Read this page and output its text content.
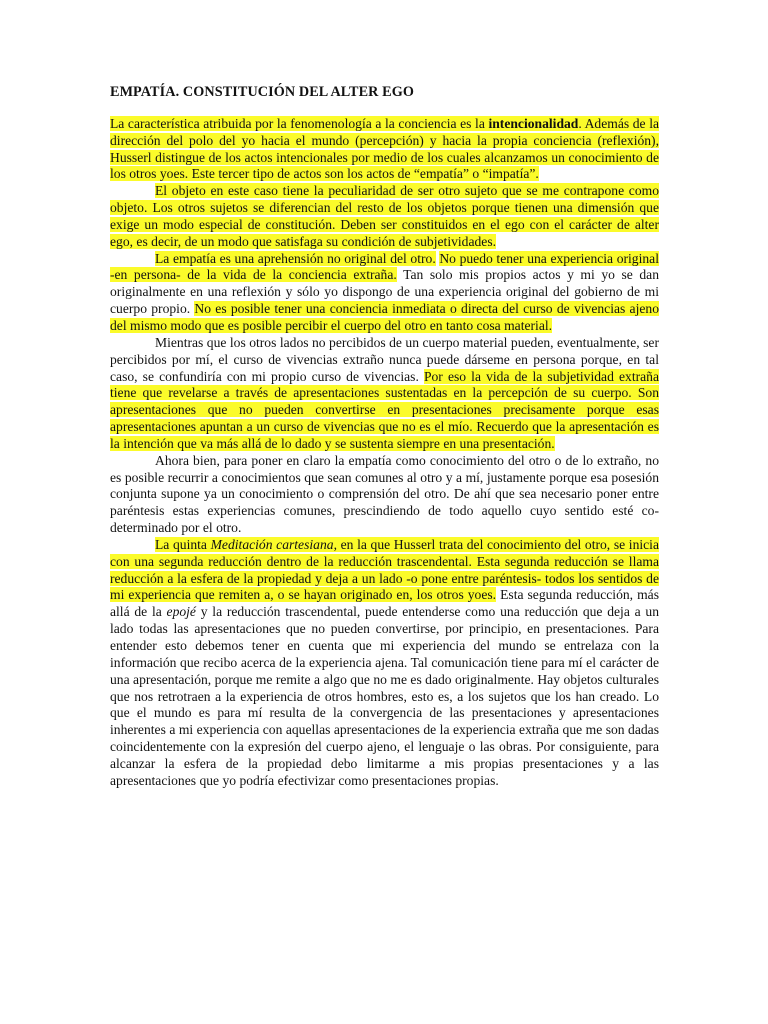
EMPATÍA. CONSTITUCIÓN DEL ALTER EGO

La característica atribuida por la fenomenología a la conciencia es la intencionalidad. Además de la dirección del polo del yo hacia el mundo (percepción) y hacia la propia conciencia (reflexión), Husserl distingue de los actos intencionales por medio de los cuales alcanzamos un conocimiento de los otros yoes. Este tercer tipo de actos son los actos de “empatía” o “impatía”.

El objeto en este caso tiene la peculiaridad de ser otro sujeto que se me contrapone como objeto. Los otros sujetos se diferencian del resto de los objetos porque tienen una dimensión que exige un modo especial de constitución. Deben ser constituidos en el ego con el carácter de alter ego, es decir, de un modo que satisfaga su condición de subjetividades.

La empatía es una aprehensión no original del otro. No puedo tener una experiencia original -en persona- de la vida de la conciencia extraña. Tan solo mis propios actos y mi yo se dan originalmente en una reflexión y sólo yo dispongo de una experiencia original del gobierno de mi cuerpo propio. No es posible tener una conciencia inmediata o directa del curso de vivencias ajeno del mismo modo que es posible percibir el cuerpo del otro en tanto cosa material.

Mientras que los otros lados no percibidos de un cuerpo material pueden, eventualmente, ser percibidos por mí, el curso de vivencias extraño nunca puede dárseme en persona porque, en tal caso, se confundiría con mi propio curso de vivencias. Por eso la vida de la subjetividad extraña tiene que revelarse a través de apresentaciones sustentadas en la percepción de su cuerpo. Son apresentaciones que no pueden convertirse en presentaciones precisamente porque esas apresentaciones apuntan a un curso de vivencias que no es el mío. Recuerdo que la apresentación es la intención que va más allá de lo dado y se sustenta siempre en una presentación.

Ahora bien, para poner en claro la empatía como conocimiento del otro o de lo extraño, no es posible recurrir a conocimientos que sean comunes al otro y a mí, justamente porque esa posesión conjunta supone ya un conocimiento o comprensión del otro. De ahí que sea necesario poner entre paréntesis estas experiencias comunes, prescindiendo de todo aquello cuyo sentido esté co-determinado por el otro.

La quinta Meditación cartesiana, en la que Husserl trata del conocimiento del otro, se inicia con una segunda reducción dentro de la reducción trascendental. Esta segunda reducción se llama reducción a la esfera de la propiedad y deja a un lado -o pone entre paréntesis- todos los sentidos de mi experiencia que remiten a, o se hayan originado en, los otros yoes. Esta segunda reducción, más allá de la epojé y la reducción trascendental, puede entenderse como una reducción que deja a un lado todas las apresentaciones que no pueden convertirse, por principio, en presentaciones. Para entender esto debemos tener en cuenta que mi experiencia del mundo se entrelaza con la información que recibo acerca de la experiencia ajena. Tal comunicación tiene para mí el carácter de una apresentación, porque me remite a algo que no me es dado originalmente. Hay objetos culturales que nos retrotraen a la experiencia de otros hombres, esto es, a los sujetos que los han creado. Lo que el mundo es para mí resulta de la convergencia de las presentaciones y apresentaciones inherentes a mi experiencia con aquellas apresentaciones de la experiencia extraña que me son dadas coincidentemente con la expresión del cuerpo ajeno, el lenguaje o las obras. Por consiguiente, para alcanzar la esfera de la propiedad debo limitarme a mis propias presentaciones y a las apresentaciones que yo podría efectivizar como presentaciones propias.
